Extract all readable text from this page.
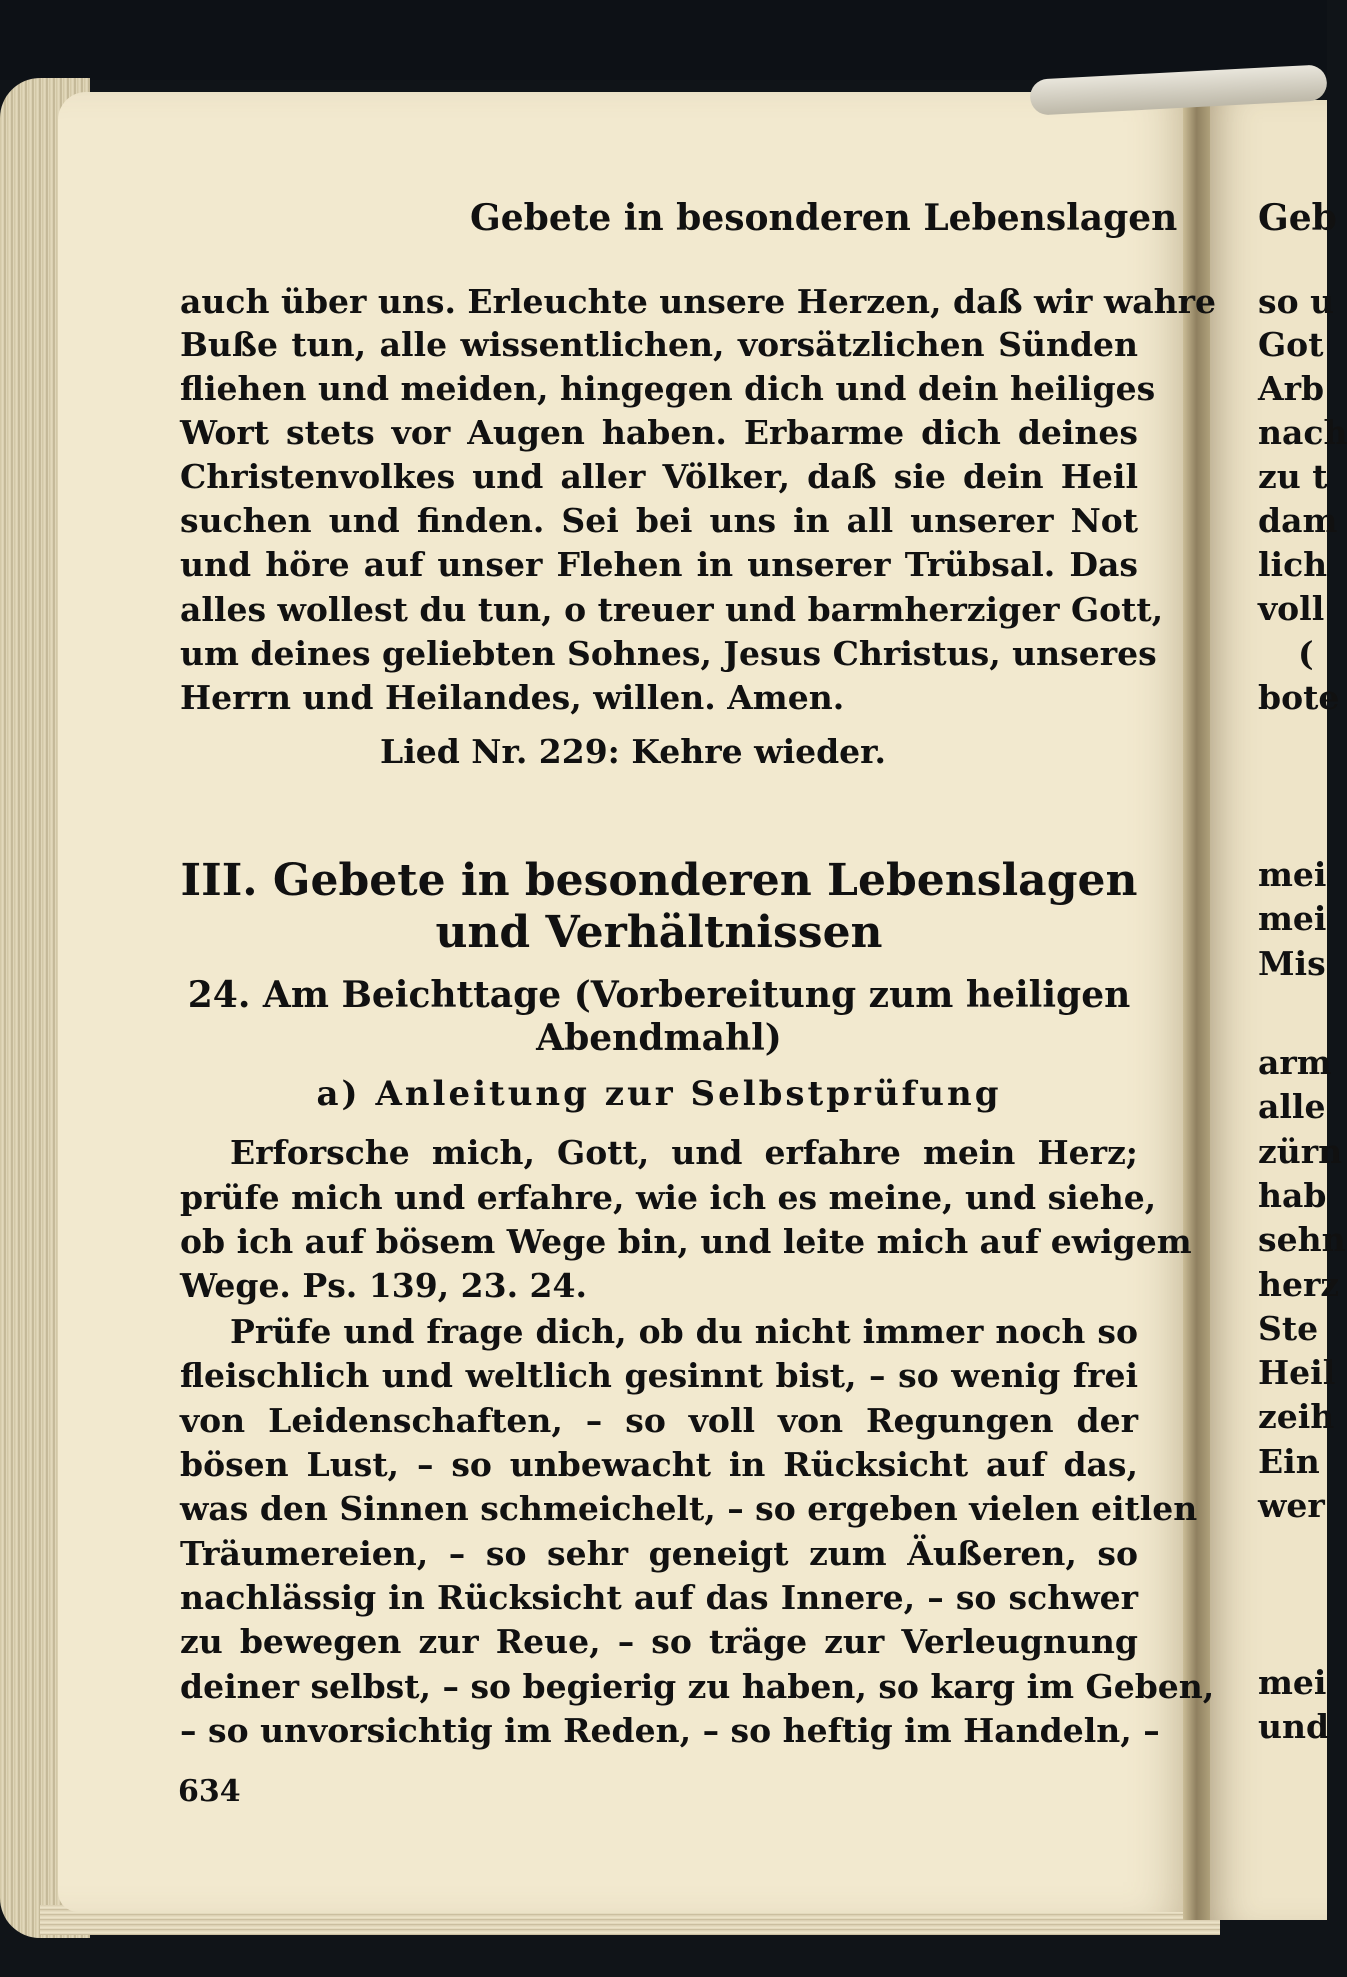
Gebete in besonderen Lebenslagen
auch über uns. Erleuchte unsere Herzen, daß wir wahre
Buße tun, alle wissentlichen, vorsätzlichen Sünden
fliehen und meiden, hingegen dich und dein heiliges
Wort stets vor Augen haben. Erbarme dich deines
Christenvolkes und aller Völker, daß sie dein Heil
suchen und finden. Sei bei uns in all unserer Not
und höre auf unser Flehen in unserer Trübsal. Das
alles wollest du tun, o treuer und barmherziger Gott,
um deines geliebten Sohnes, Jesus Christus, unseres
Herrn und Heilandes, willen. Amen.
Lied Nr. 229: Kehre wieder.
III. Gebete in besonderen Lebenslagen
und Verhältnissen
24. Am Beichttage (Vorbereitung zum heiligen
Abendmahl)
a) Anleitung zur Selbstprüfung
Erforsche mich, Gott, und erfahre mein Herz;
prüfe mich und erfahre, wie ich es meine, und siehe,
ob ich auf bösem Wege bin, und leite mich auf ewigem
Wege. Ps. 139, 23. 24.
Prüfe und frage dich, ob du nicht immer noch so
fleischlich und weltlich gesinnt bist, – so wenig frei
von Leidenschaften, – so voll von Regungen der
bösen Lust, – so unbewacht in Rücksicht auf das,
was den Sinnen schmeichelt, – so ergeben vielen eitlen
Träumereien, – so sehr geneigt zum Äußeren, so
nachlässig in Rücksicht auf das Innere, – so schwer
zu bewegen zur Reue, – so träge zur Verleugnung
deiner selbst, – so begierig zu haben, so karg im Geben,
– so unvorsichtig im Reden, – so heftig im Handeln, –
634
Geb
so u
Got
Arb
nach
zu t
dam
lich
voll
(
bote
mei
mei
Mis
arm
alle
zürn
hab
sehn
herz
Ste
Heil
zeih
Ein
wer
mei
und
